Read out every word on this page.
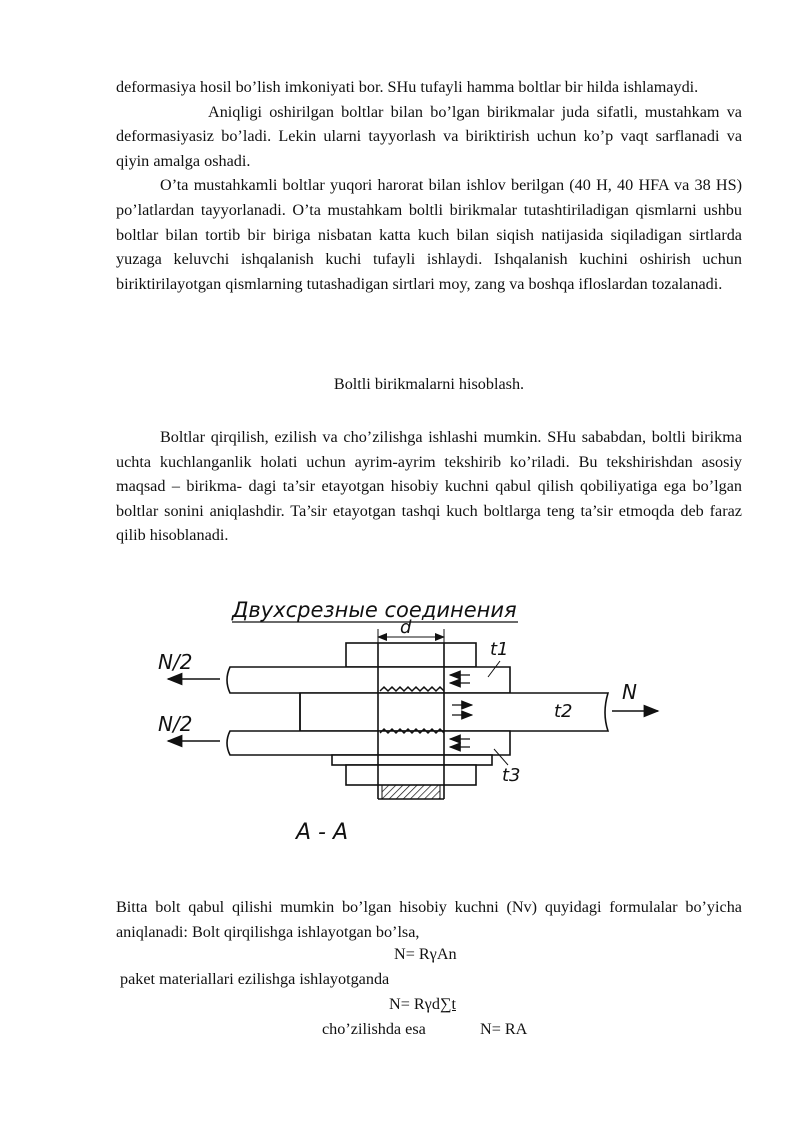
deformasiya hosil bo’lish imkoniyati bor. SHu tufayli hamma boltlar bir hilda ishlamaydi.

Aniqligi oshirilgan boltlar bilan bo’lgan birikmalar juda sifatli, mustahkam va deformasiyasiz bo’ladi. Lekin ularni tayyorlash va biriktirish uchun ko’p vaqt sarflanadi va qiyin amalga oshadi.

O’ta mustahkamli boltlar yuqori harorat bilan ishlov berilgan (40 H, 40 HFA va 38 HS) po’latlardan tayyorlanadi. O’ta mustahkam boltli birikmalar tutashtiriladigan qismlarni ushbu boltlar bilan tortib bir biriga nisbatan katta kuch bilan siqish natijasida siqiladigan sirtlarda yuzaga keluvchi ishqalanish kuchi tufayli ishlaydi. Ishqalanish kuchini oshirish uchun biriktirilayotgan qismlarning tutashadigan sirtlari moy, zang va boshqa ifloslardan tozalanadi.

Boltli birikmalarni hisoblash.

Boltlar qirqilish, ezilish va cho’zilishga ishlashi mumkin. SHu sababdan, boltli birikma uchta kuchlanganlik holati uchun ayrim-ayrim tekshirib ko’riladi. Bu tekshirishdan asosiy maqsad – birikma- dagi ta’sir etayotgan hisobiy kuchni qabul qilish qobiliyatiga ega bo’lgan boltlar sonini aniqlashdir. Ta’sir etayotgan tashqi kuch boltlarga teng ta’sir etmoqda deb faraz qilib hisoblanadi.

Двухсрезные соединения
d
N/2
N/2
N
t1
t2
t3
A - A

Bitta bolt qabul qilishi mumkin bo’lgan hisobiy kuchni (Nv) quyidagi formulalar bo’yicha aniqlanadi: Bolt qirqilishga ishlayotgan bo’lsa,

N= RγAn
paket materiallari ezilishga ishlayotganda
N= Rγd∑t
cho’zilishda esa	N= RA
